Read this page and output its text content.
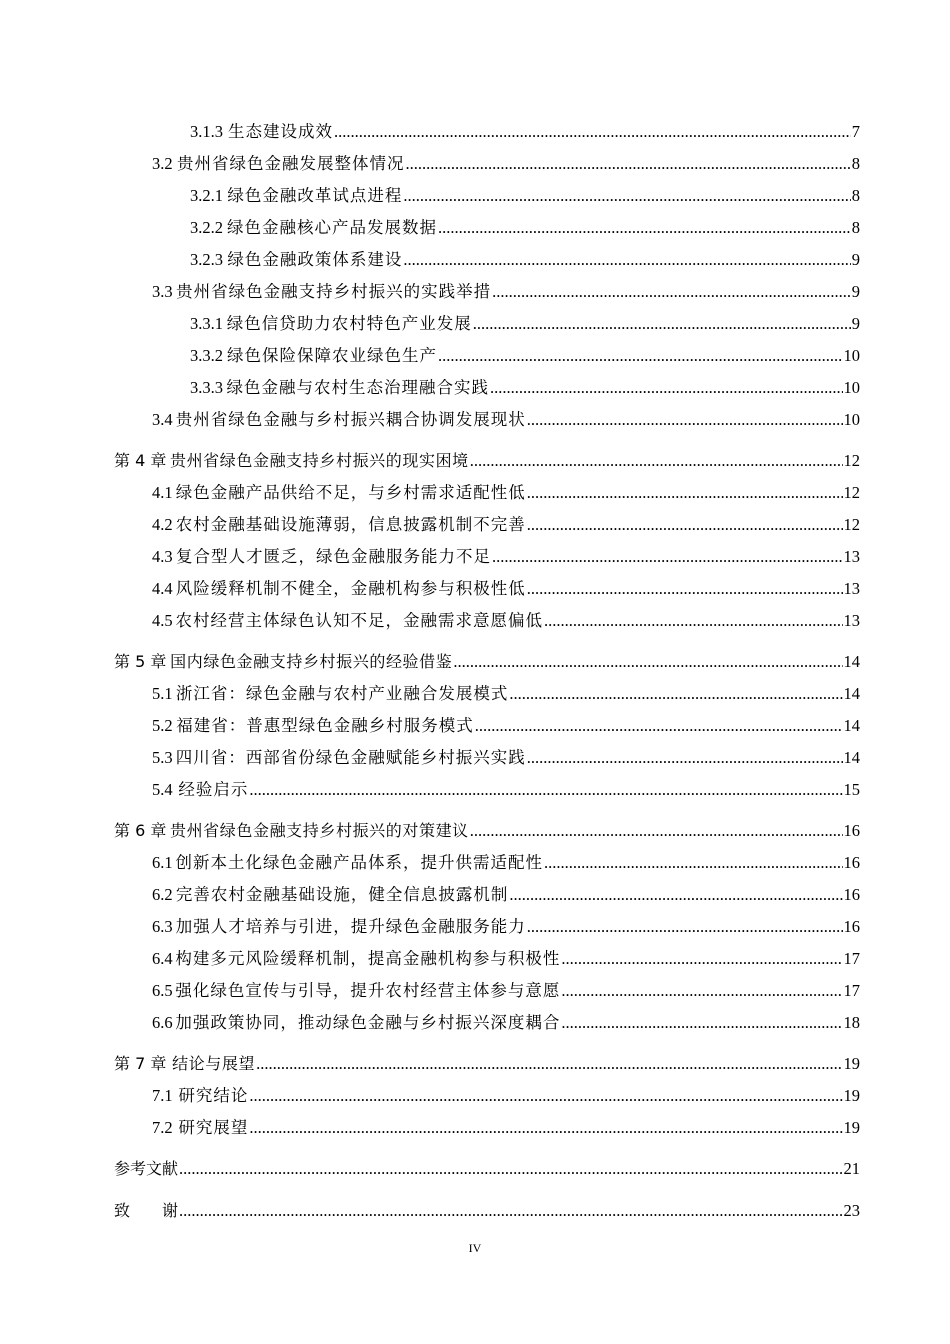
3.1.3 生态建设成效 .....	7
3.2 贵州省绿色金融发展整体情况 .....	8
3.2.1 绿色金融改革试点进程 .....	8
3.2.2 绿色金融核心产品发展数据 .....	8
3.2.3 绿色金融政策体系建设 .....	9
3.3 贵州省绿色金融支持乡村振兴的实践举措 .....	9
3.3.1 绿色信贷助力农村特色产业发展 .....	9
3.3.2 绿色保险保障农业绿色生产 .....	10
3.3.3 绿色金融与农村生态治理融合实践 .....	10
3.4 贵州省绿色金融与乡村振兴耦合协调发展现状 .....	10
第 4 章 贵州省绿色金融支持乡村振兴的现实困境 .....	12
4.1 绿色金融产品供给不足，与乡村需求适配性低 .....	12
4.2 农村金融基础设施薄弱，信息披露机制不完善 .....	12
4.3 复合型人才匮乏，绿色金融服务能力不足 .....	13
4.4 风险缓释机制不健全，金融机构参与积极性低 .....	13
4.5 农村经营主体绿色认知不足，金融需求意愿偏低 .....	13
第 5 章 国内绿色金融支持乡村振兴的经验借鉴 .....	14
5.1 浙江省：绿色金融与农村产业融合发展模式 .....	14
5.2 福建省：普惠型绿色金融乡村服务模式 .....	14
5.3 四川省：西部省份绿色金融赋能乡村振兴实践 .....	14
5.4 经验启示 .....	15
第 6 章 贵州省绿色金融支持乡村振兴的对策建议 .....	16
6.1 创新本土化绿色金融产品体系，提升供需适配性 .....	16
6.2 完善农村金融基础设施，健全信息披露机制 .....	16
6.3 加强人才培养与引进，提升绿色金融服务能力 .....	16
6.4 构建多元风险缓释机制，提高金融机构参与积极性 .....	17
6.5 强化绿色宣传与引导，提升农村经营主体参与意愿 .....	17
6.6 加强政策协同，推动绿色金融与乡村振兴深度耦合 .....	18
第 7 章 结论与展望 .....	19
7.1 研究结论 .....	19
7.2 研究展望 .....	19
参考文献 .....	21
致　　谢 .....	23
IV
